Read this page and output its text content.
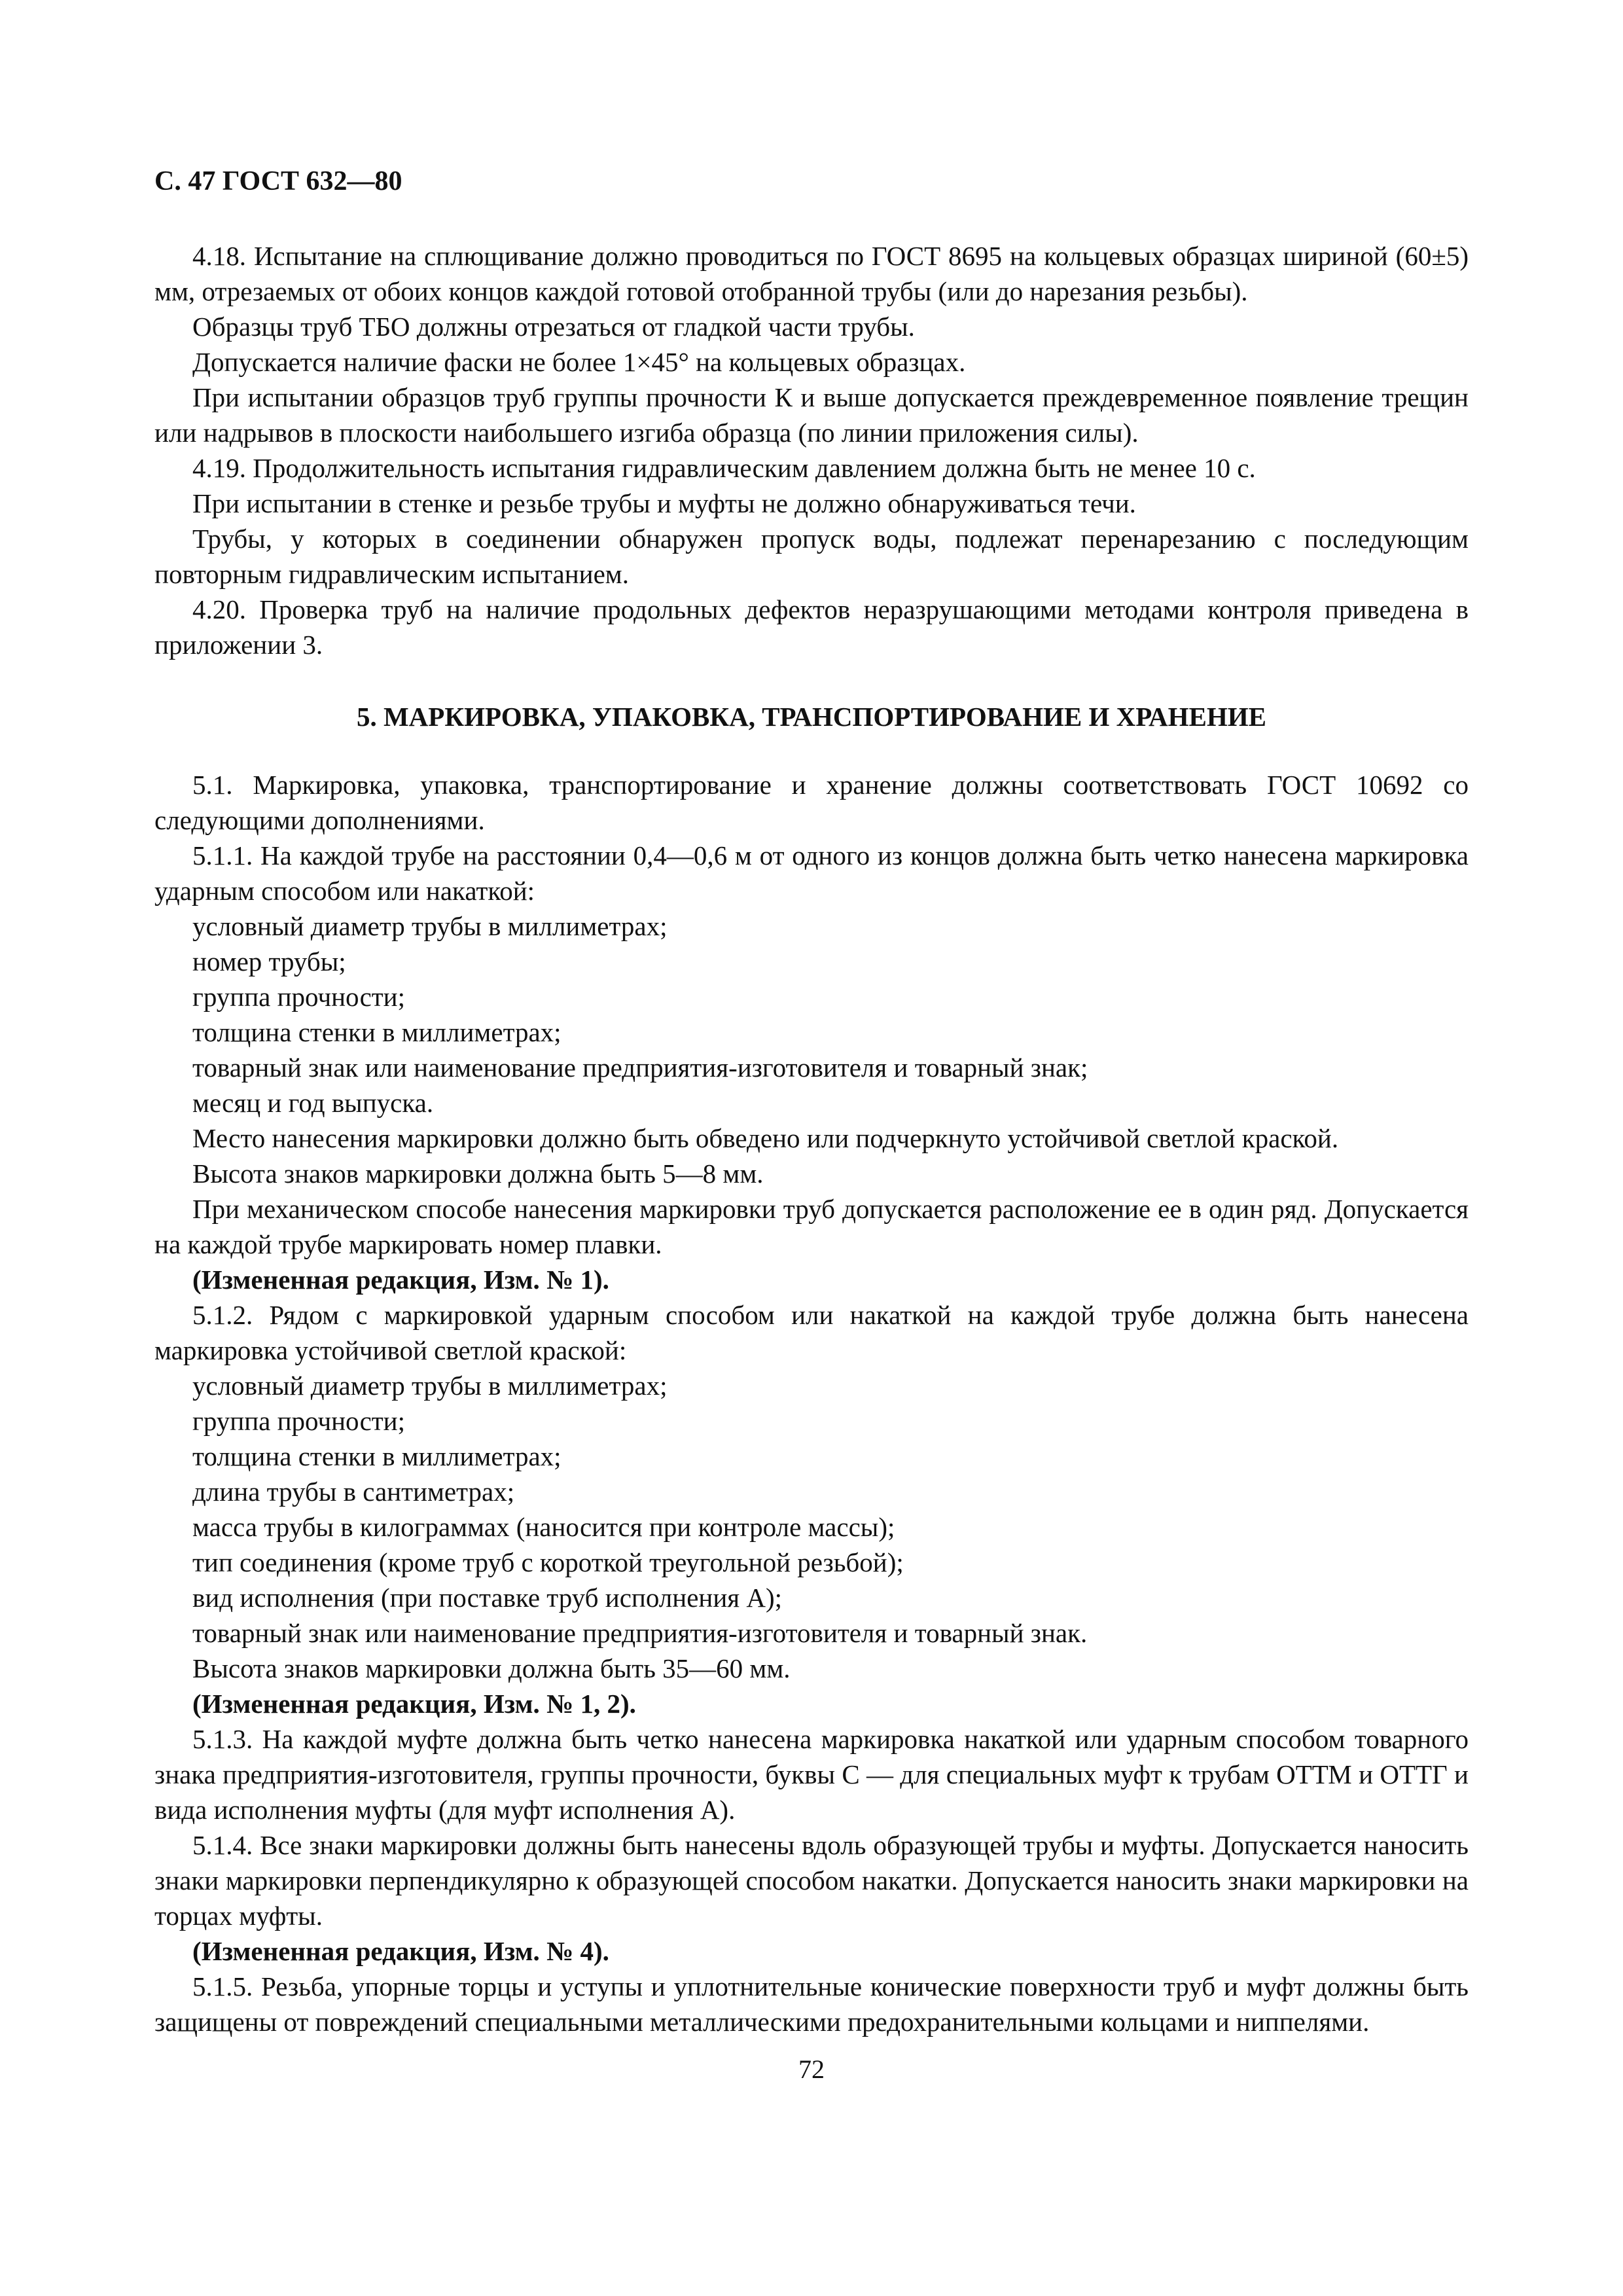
С. 47 ГОСТ 632—80

4.18. Испытание на сплющивание должно проводиться по ГОСТ 8695 на кольцевых образцах шириной (60±5) мм, отрезаемых от обоих концов каждой готовой отобранной трубы (или до нарезания резьбы).

Образцы труб ТБО должны отрезаться от гладкой части трубы.

Допускается наличие фаски не более 1×45° на кольцевых образцах.

При испытании образцов труб группы прочности К и выше допускается преждевременное появление трещин или надрывов в плоскости наибольшего изгиба образца (по линии приложения силы).

4.19. Продолжительность испытания гидравлическим давлением должна быть не менее 10 с.

При испытании в стенке и резьбе трубы и муфты не должно обнаруживаться течи.

Трубы, у которых в соединении обнаружен пропуск воды, подлежат перенарезанию с последующим повторным гидравлическим испытанием.

4.20. Проверка труб на наличие продольных дефектов неразрушающими методами контроля приведена в приложении 3.

5. МАРКИРОВКА, УПАКОВКА, ТРАНСПОРТИРОВАНИЕ И ХРАНЕНИЕ

5.1. Маркировка, упаковка, транспортирование и хранение должны соответствовать ГОСТ 10692 со следующими дополнениями.

5.1.1. На каждой трубе на расстоянии 0,4—0,6 м от одного из концов должна быть четко нанесена маркировка ударным способом или накаткой:

условный диаметр трубы в миллиметрах;

номер трубы;

группа прочности;

толщина стенки в миллиметрах;

товарный знак или наименование предприятия-изготовителя и товарный знак;

месяц и год выпуска.

Место нанесения маркировки должно быть обведено или подчеркнуто устойчивой светлой краской.

Высота знаков маркировки должна быть 5—8 мм.

При механическом способе нанесения маркировки труб допускается расположение ее в один ряд. Допускается на каждой трубе маркировать номер плавки.

(Измененная редакция, Изм. № 1).

5.1.2. Рядом с маркировкой ударным способом или накаткой на каждой трубе должна быть нанесена маркировка устойчивой светлой краской:

условный диаметр трубы в миллиметрах;

группа прочности;

толщина стенки в миллиметрах;

длина трубы в сантиметрах;

масса трубы в килограммах (наносится при контроле массы);

тип соединения (кроме труб с короткой треугольной резьбой);

вид исполнения (при поставке труб исполнения А);

товарный знак или наименование предприятия-изготовителя и товарный знак.

Высота знаков маркировки должна быть 35—60 мм.

(Измененная редакция, Изм. № 1, 2).

5.1.3. На каждой муфте должна быть четко нанесена маркировка накаткой или ударным способом товарного знака предприятия-изготовителя, группы прочности, буквы С — для специальных муфт к трубам ОТТМ и ОТТГ и вида исполнения муфты (для муфт исполнения А).

5.1.4. Все знаки маркировки должны быть нанесены вдоль образующей трубы и муфты. Допускается наносить знаки маркировки перпендикулярно к образующей способом накатки. Допускается наносить знаки маркировки на торцах муфты.

(Измененная редакция, Изм. № 4).

5.1.5. Резьба, упорные торцы и уступы и уплотнительные конические поверхности труб и муфт должны быть защищены от повреждений специальными металлическими предохранительными кольцами и ниппелями.

72
